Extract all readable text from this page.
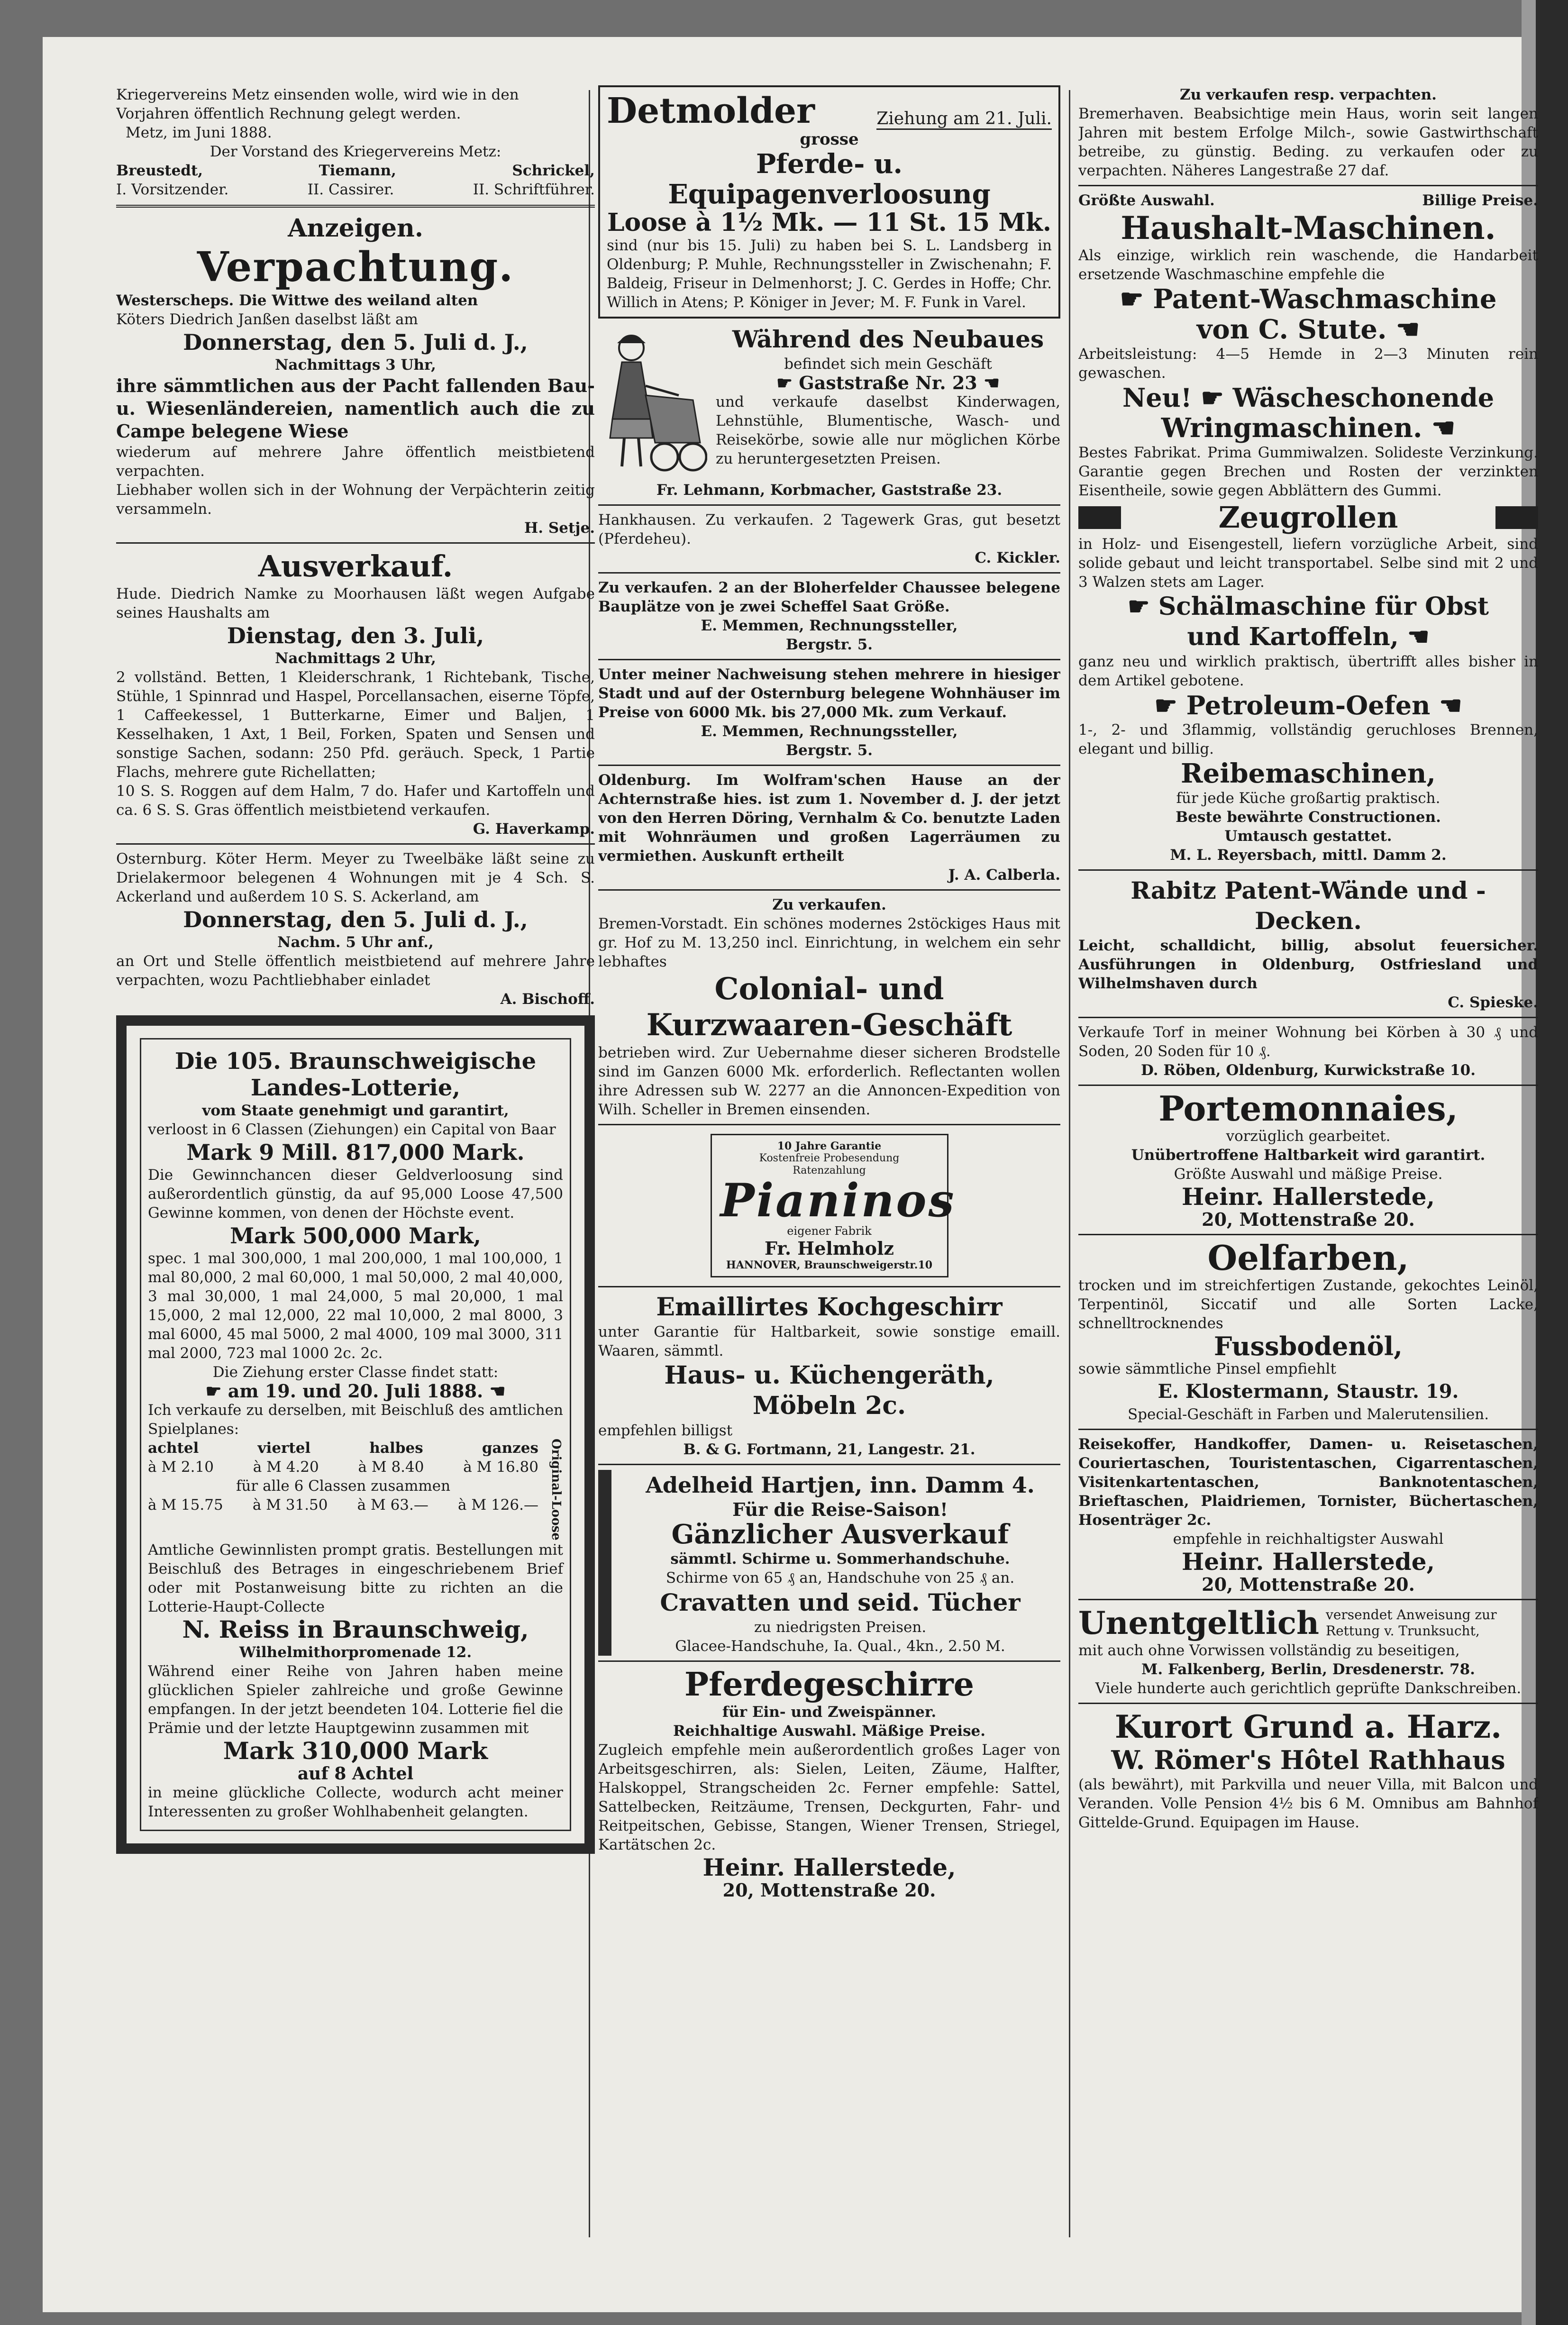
Kriegervereins Metz einsenden wolle, wird wie in den

Vorjahren öffentlich Rechnung gelegt werden.

Metz, im Juni 1888.

Der Vorstand des Kriegervereins Metz:

Breustedt,	Tiemann,	Schrickel,
I. Vorsitzender.	II. Cassirer.	II. Schriftführer.

Anzeigen.

Verpachtung.

Westerscheps. Die Wittwe des weiland alten

Köters Diedrich Janßen daselbst läßt am

Donnerstag, den 5. Juli d. J.,

Nachmittags 3 Uhr,

ihre sämmtlichen aus der Pacht fallenden Bau- u. Wiesenländereien, namentlich auch die zu Campe belegene Wiese

wiederum auf mehrere Jahre öffentlich meistbietend verpachten.

Liebhaber wollen sich in der Wohnung der Verpächterin zeitig versammeln.

H. Setje.

Ausverkauf.

Hude. Diedrich Namke zu Moorhausen läßt wegen Aufgabe seines Haushalts am

Dienstag, den 3. Juli,

Nachmittags 2 Uhr,

2 vollständ. Betten, 1 Kleiderschrank, 1 Richtebank, Tische, Stühle, 1 Spinnrad und Haspel, Porcellansachen, eiserne Töpfe, 1 Caffeekessel, 1 Butterkarne, Eimer und Baljen, 1 Kesselhaken, 1 Axt, 1 Beil, Forken, Spaten und Sensen und sonstige Sachen, sodann: 250 Pfd. geräuch. Speck, 1 Partie Flachs, mehrere gute Richellatten;

10 S. S. Roggen auf dem Halm, 7 do. Hafer und Kartoffeln und ca. 6 S. S. Gras öffentlich meistbietend verkaufen.

G. Haverkamp.

Osternburg. Köter Herm. Meyer zu Tweelbäke läßt seine zu Drielakermoor belegenen 4 Wohnungen mit je 4 Sch. S. Ackerland und außerdem 10 S. S. Ackerland, am

Donnerstag, den 5. Juli d. J.,

Nachm. 5 Uhr anf.,

an Ort und Stelle öffentlich meistbietend auf mehrere Jahre verpachten, wozu Pachtliebhaber einladet

A. Bischoff.

Die 105. Braunschweigische

Landes-Lotterie,

vom Staate genehmigt und garantirt,

verloost in 6 Classen (Ziehungen) ein Capital von Baar

Mark 9 Mill. 817,000 Mark.

Die Gewinnchancen dieser Geldverloosung sind außerordentlich günstig, da auf 95,000 Loose 47,500 Gewinne kommen, von denen der Höchste event.

Mark 500,000 Mark,

spec. 1 mal 300,000, 1 mal 200,000, 1 mal 100,000, 1 mal 80,000, 2 mal 60,000, 1 mal 50,000, 2 mal 40,000, 3 mal 30,000, 1 mal 24,000, 5 mal 20,000, 1 mal 15,000, 2 mal 12,000, 22 mal 10,000, 2 mal 8000, 3 mal 6000, 45 mal 5000, 2 mal 4000, 109 mal 3000, 311 mal 2000, 723 mal 1000 2c. 2c.

Die Ziehung erster Classe findet statt:

☛ am 19. und 20. Juli 1888. ☚

Ich verkaufe zu derselben, mit Beischluß des amtlichen Spielplanes:

achtel	viertel	halbes	ganzes
à M 2.10	à M 4.20	à M 8.40	à M 16.80

für alle 6 Classen zusammen

à M 15.75 à M 31.50 à M 63.— à M 126.— Original-Loose

Amtliche Gewinnlisten prompt gratis. Bestellungen mit Beischluß des Betrages in eingeschriebenem Brief oder mit Postanweisung bitte zu richten an die Lotterie-Haupt-Collecte

N. Reiss in Braunschweig,

Wilhelmithorpromenade 12.

Während einer Reihe von Jahren haben meine glücklichen Spieler zahlreiche und große Gewinne empfangen. In der jetzt beendeten 104. Lotterie fiel die Prämie und der letzte Hauptgewinn zusammen mit

Mark 310,000 Mark

auf 8 Achtel

in meine glückliche Collecte, wodurch acht meiner Interessenten zu großer Wohlhabenheit gelangten.

Detmolder	Ziehung am 21. Juli.

grosse

Pferde- u. Equipagenverloosung

Loose à 1½ Mk. — 11 St. 15 Mk.

sind (nur bis 15. Juli) zu haben bei S. L. Landsberg in Oldenburg; P. Muhle, Rechnungssteller in Zwischenahn; F. Baldeig, Friseur in Delmenhorst; J. C. Gerdes in Hoffe; Chr. Willich in Atens; P. Königer in Jever; M. F. Funk in Varel.

Während des Neubaues

befindet sich mein Geschäft

☛ Gaststraße Nr. 23 ☚

und verkaufe daselbst Kinderwagen, Lehnstühle, Blumentische, Wasch- und Reisekörbe, sowie alle nur möglichen Körbe zu heruntergesetzten Preisen.

Fr. Lehmann, Korbmacher, Gaststraße 23.

Hankhausen. Zu verkaufen. 2 Tagewerk Gras, gut besetzt (Pferdeheu).

C. Kickler.

Zu verkaufen. 2 an der Bloherfelder Chaussee belegene Bauplätze von je zwei Scheffel Saat Größe.

E. Memmen, Rechnungssteller,

Bergstr. 5.

Unter meiner Nachweisung stehen mehrere in hiesiger Stadt und auf der Osternburg belegene Wohnhäuser im Preise von 6000 Mk. bis 27,000 Mk. zum Verkauf.

E. Memmen, Rechnungssteller,

Bergstr. 5.

Oldenburg. Im Wolfram'schen Hause an der Achternstraße hies. ist zum 1. November d. J. der jetzt von den Herren Döring, Vernhalm & Co. benutzte Laden mit Wohnräumen und großen Lagerräumen zu vermiethen. Auskunft ertheilt

J. A. Calberla.

Zu verkaufen.

Bremen-Vorstadt. Ein schönes modernes 2stöckiges Haus mit gr. Hof zu M. 13,250 incl. Einrichtung, in welchem ein sehr lebhaftes

Colonial- und

Kurzwaaren-Geschäft

betrieben wird. Zur Uebernahme dieser sicheren Brodstelle sind im Ganzen 6000 Mk. erforderlich. Reflectanten wollen ihre Adressen sub W. 2277 an die Annoncen-Expedition von Wilh. Scheller in Bremen einsenden.

10 Jahre Garantie
Kostenfreie Probesendung
Ratenzahlung
Pianinos
eigener Fabrik
Fr. Helmholz
HANNOVER, Braunschweigerstr.10

Emaillirtes Kochgeschirr

unter Garantie für Haltbarkeit, sowie sonstige emaill. Waaren, sämmtl.

Haus- u. Küchengeräth,

Möbeln 2c.

empfehlen billigst

B. & G. Fortmann, 21, Langestr. 21.

Adelheid Hartjen, inn. Damm 4.

Für die Reise-Saison!

Gänzlicher Ausverkauf

sämmtl. Schirme u. Sommerhandschuhe.

Schirme von 65 ₰ an, Handschuhe von 25 ₰ an.

Cravatten und seid. Tücher

zu niedrigsten Preisen.

Glacee-Handschuhe, Ia. Qual., 4kn., 2.50 M.

Pferdegeschirre

für Ein- und Zweispänner.

Reichhaltige Auswahl. Mäßige Preise.

Zugleich empfehle mein außerordentlich großes Lager von Arbeitsgeschirren, als: Sielen, Leiten, Zäume, Halfter, Halskoppel, Strangscheiden 2c. Ferner empfehle: Sattel, Sattelbecken, Reitzäume, Trensen, Deckgurten, Fahr- und Reitpeitschen, Gebisse, Stangen, Wiener Trensen, Striegel, Kartätschen 2c.

Heinr. Hallerstede,

20, Mottenstraße 20.

Zu verkaufen resp. verpachten.

Bremerhaven. Beabsichtige mein Haus, worin seit langen Jahren mit bestem Erfolge Milch-, sowie Gastwirthschaft betreibe, zu günstig. Beding. zu verkaufen oder zu verpachten. Näheres Langestraße 27 daf.

Größte Auswahl.	Billige Preise.

Haushalt-Maschinen.

Als einzige, wirklich rein waschende, die Handarbeit ersetzende Waschmaschine empfehle die

☛ Patent-Waschmaschine

von C. Stute. ☚

Arbeitsleistung: 4—5 Hemde in 2—3 Minuten rein gewaschen.

Neu! ☛ Wäscheschonende

Wringmaschinen. ☚

Bestes Fabrikat. Prima Gummiwalzen. Solideste Verzinkung. Garantie gegen Brechen und Rosten der verzinkten Eisentheile, sowie gegen Abblättern des Gummi.

Zeugrollen

in Holz- und Eisengestell, liefern vorzügliche Arbeit, sind solide gebaut und leicht transportabel. Selbe sind mit 2 und 3 Walzen stets am Lager.

☛ Schälmaschine für Obst

und Kartoffeln, ☚

ganz neu und wirklich praktisch, übertrifft alles bisher in dem Artikel gebotene.

☛ Petroleum-Oefen ☚

1-, 2- und 3flammig, vollständig geruchloses Brennen, elegant und billig.

Reibemaschinen,

für jede Küche großartig praktisch.

Beste bewährte Constructionen.

Umtausch gestattet.

M. L. Reyersbach, mittl. Damm 2.

Rabitz Patent-Wände und -Decken.

Leicht, schalldicht, billig, absolut feuersicher. Ausführungen in Oldenburg, Ostfriesland und Wilhelmshaven durch

C. Spieske.

Verkaufe Torf in meiner Wohnung bei Körben à 30 ₰ und Soden, 20 Soden für 10 ₰.

D. Röben, Oldenburg, Kurwickstraße 10.

Portemonnaies,

vorzüglich gearbeitet.

Unübertroffene Haltbarkeit wird garantirt.

Größte Auswahl und mäßige Preise.

Heinr. Hallerstede,

20, Mottenstraße 20.

Oelfarben,

trocken und im streichfertigen Zustande, gekochtes Leinöl, Terpentinöl, Siccatif und alle Sorten Lacke, schnelltrocknendes

Fussbodenöl,

sowie sämmtliche Pinsel empfiehlt

E. Klostermann, Staustr. 19.

Special-Geschäft in Farben und Malerutensilien.

Reisekoffer, Handkoffer, Damen- u. Reisetaschen, Couriertaschen, Touristentaschen, Cigarrentaschen, Visitenkartentaschen, Banknotentaschen, Brieftaschen, Plaidriemen, Tornister, Büchertaschen, Hosenträger 2c.

empfehle in reichhaltigster Auswahl

Heinr. Hallerstede,

20, Mottenstraße 20.

Unentgeltlich versendet Anweisung zur Rettung v. Trunksucht,

mit auch ohne Vorwissen vollständig zu beseitigen,

M. Falkenberg, Berlin, Dresdenerstr. 78.

Viele hunderte auch gerichtlich geprüfte Dankschreiben.

Kurort Grund a. Harz.

W. Römer's Hôtel Rathhaus

(als bewährt), mit Parkvilla und neuer Villa, mit Balcon und Veranden. Volle Pension 4½ bis 6 M. Omnibus am Bahnhof Gittelde-Grund. Equipagen im Hause.
